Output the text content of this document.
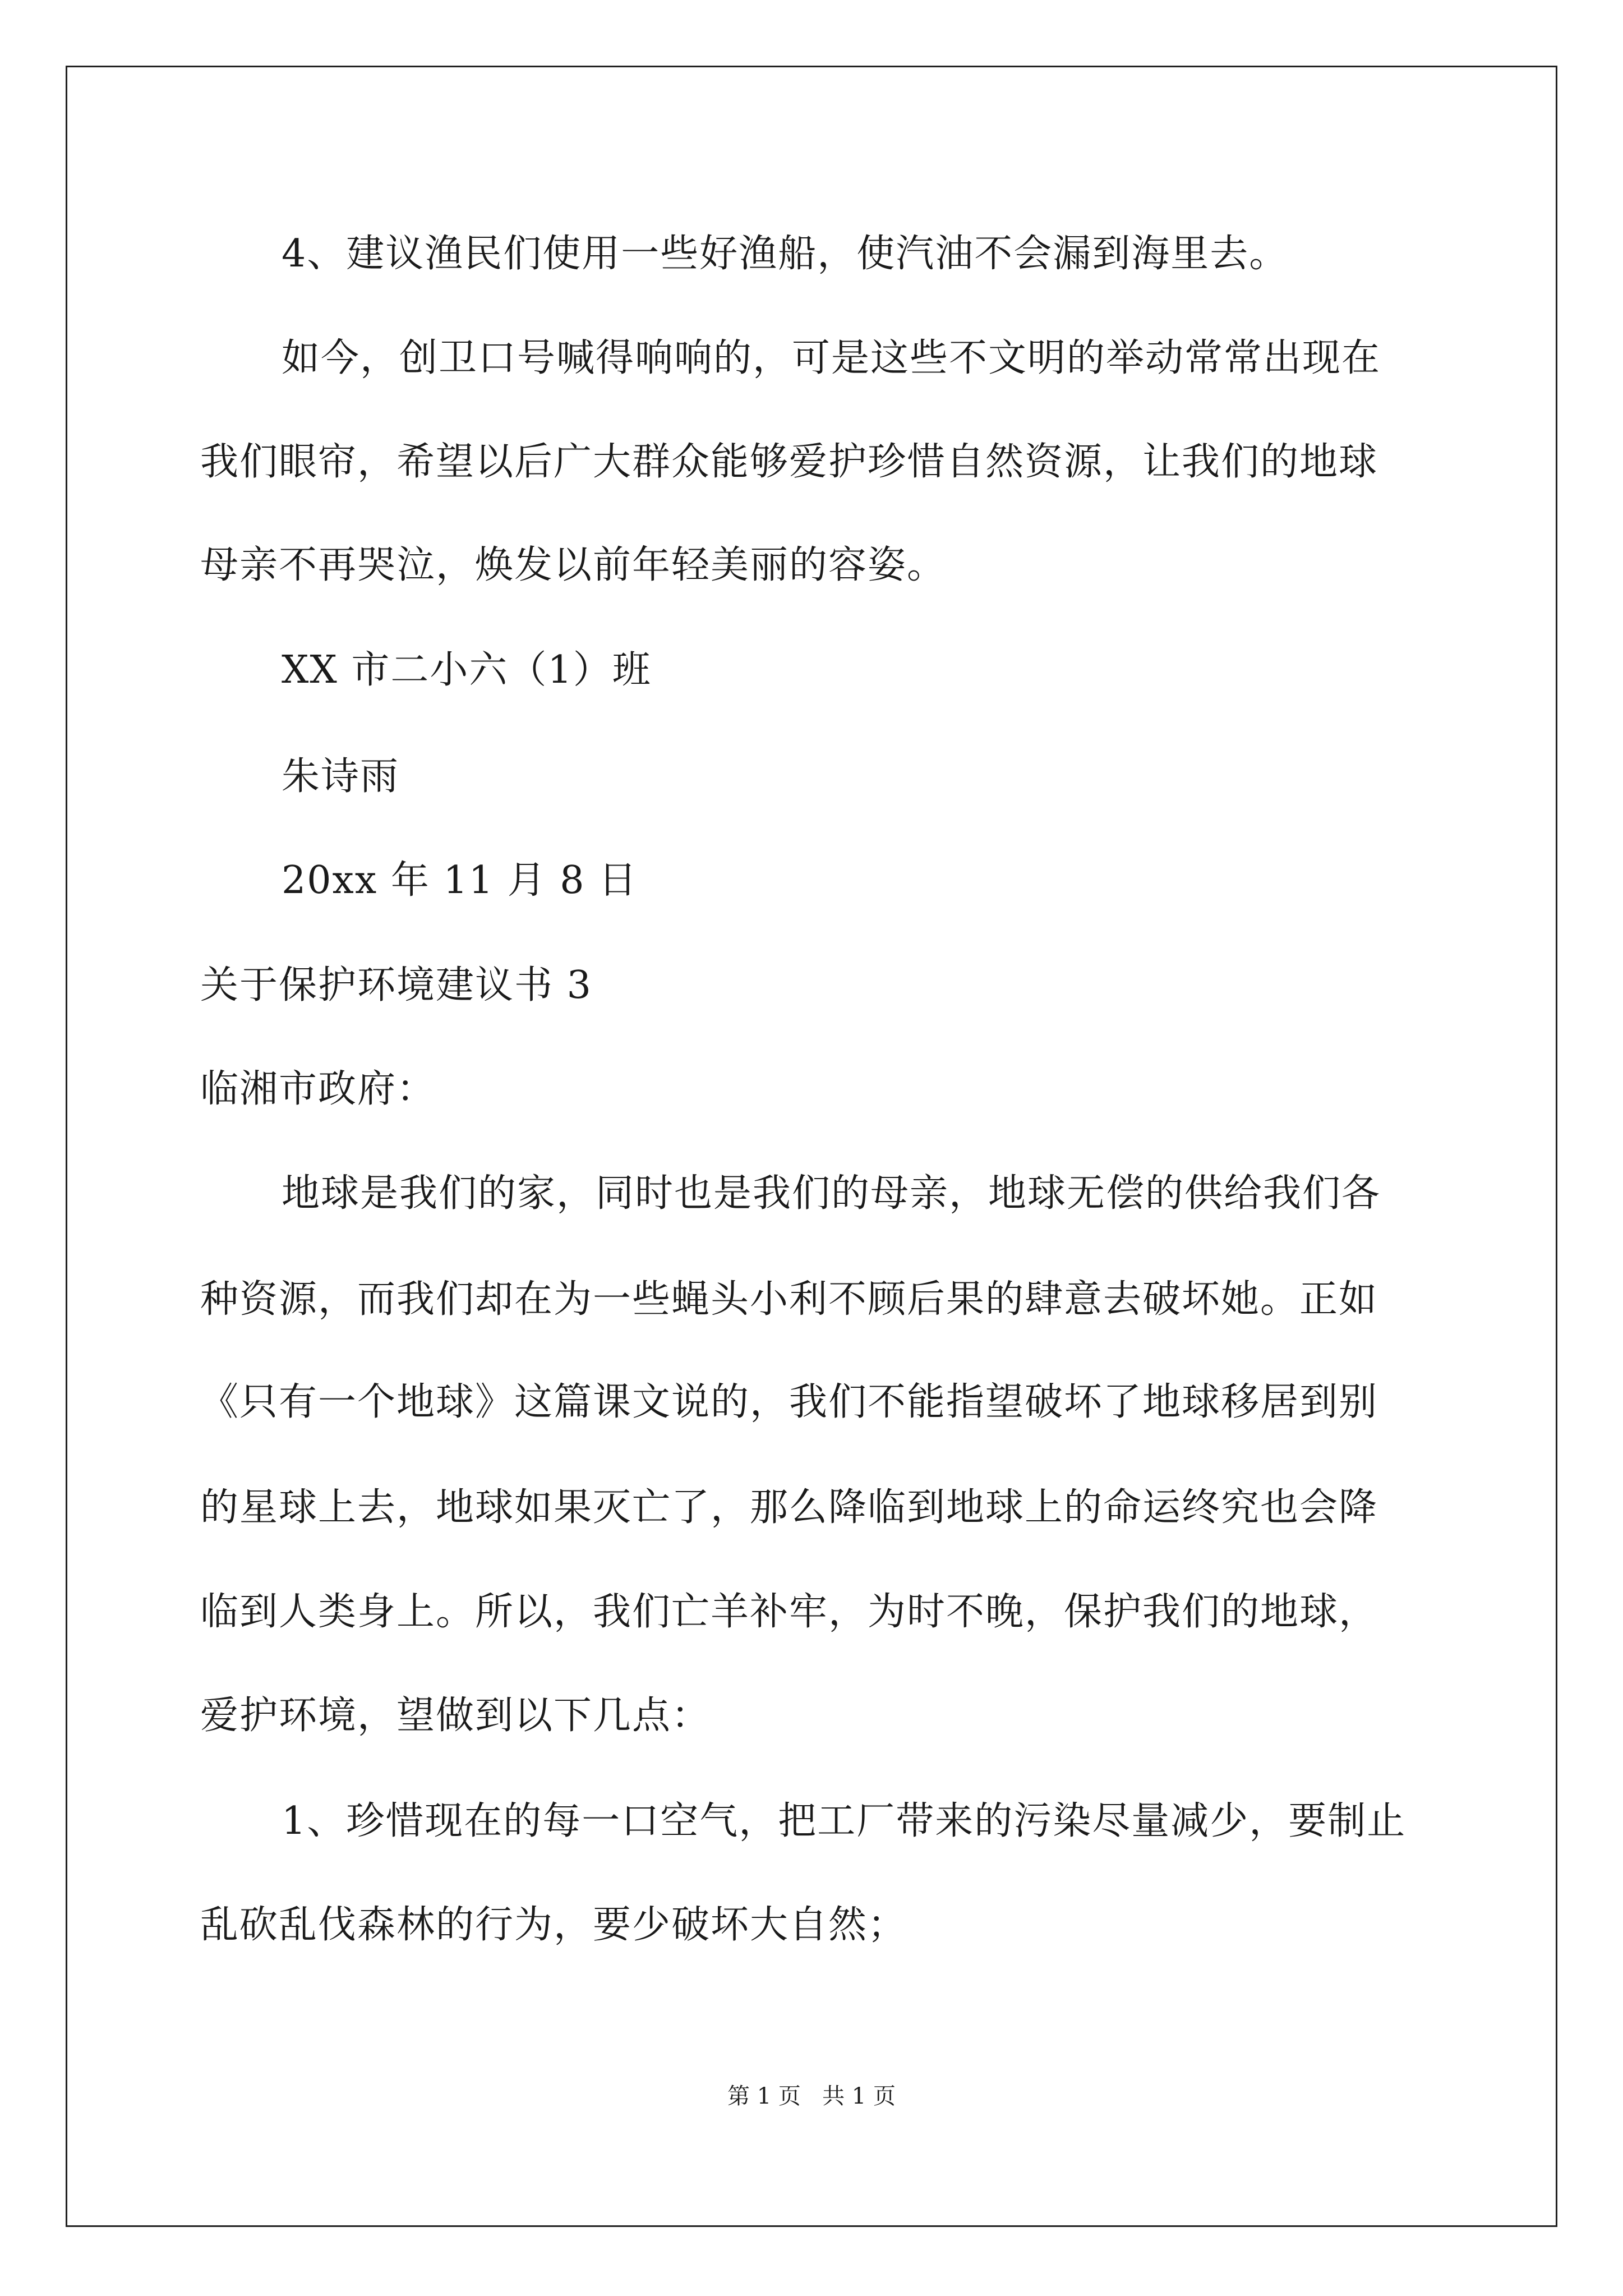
4、建议渔民们使用一些好渔船，使汽油不会漏到海里去。
如今，创卫口号喊得响响的，可是这些不文明的举动常常出现在
我们眼帘，希望以后广大群众能够爱护珍惜自然资源，让我们的地球
母亲不再哭泣，焕发以前年轻美丽的容姿。
XX 市二小六（1）班
朱诗雨
20xx 年 11 月 8 日
关于保护环境建议书 3
临湘市政府：
地球是我们的家，同时也是我们的母亲，地球无偿的供给我们各
种资源，而我们却在为一些蝇头小利不顾后果的肆意去破坏她。正如
《只有一个地球》这篇课文说的，我们不能指望破坏了地球移居到别
的星球上去，地球如果灭亡了，那么降临到地球上的命运终究也会降
临到人类身上。所以，我们亡羊补牢，为时不晚，保护我们的地球，
爱护环境，望做到以下几点：
1、珍惜现在的每一口空气，把工厂带来的污染尽量减少，要制止
乱砍乱伐森林的行为，要少破坏大自然；
第 1 页   共 1 页
